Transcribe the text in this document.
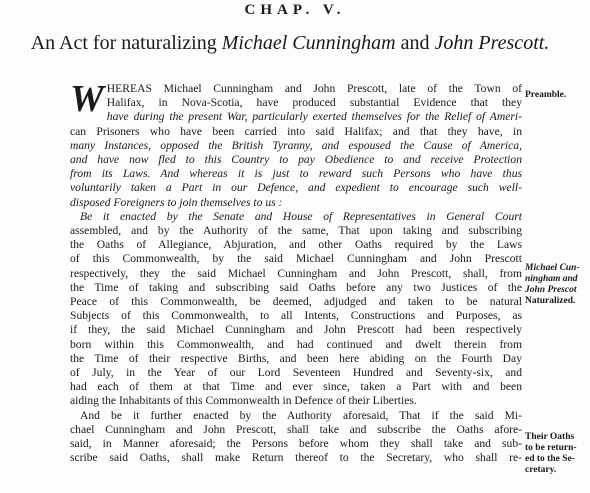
CHAP. V.
An Act for naturalizing Michael Cunningham and John Prescott.
W HEREAS Michael Cunningham and John Prescott, late of the Town of
Halifax, in Nova-Scotia, have produced substantial Evidence that they
have during the present War, particularly exerted themselves for the Relief of Ameri-
can Prisoners who have been carried into said Halifax; and that they have, in
many Instances, opposed the British Tyranny, and espoused the Cause of America,
and have now fled to this Country to pay Obedience to and receive Protection
from its Laws. And whereas it is just to reward such Persons who have thus
voluntarily taken a Part in our Defence, and expedient to encourage such well-
disposed Foreigners to join themselves to us :
Be it enacted by the Senate and House of Representatives in General Court
assembled, and by the Authority of the same, That upon taking and subscribing
the Oaths of Allegiance, Abjuration, and other Oaths required by the Laws
of this Commonwealth, by the said Michael Cunningham and John Prescott
respectively, they the said Michael Cunningham and John Prescott, shall, from
the Time of taking and subscribing said Oaths before any two Justices of the
Peace of this Commonwealth, be deemed, adjudged and taken to be natural
Subjects of this Commonwealth, to all Intents, Constructions and Purposes, as
if they, the said Michael Cunningham and John Prescott had been respectively
born within this Commonwealth, and had continued and dwelt therein from
the Time of their respective Births, and been here abiding on the Fourth Day
of July, in the Year of our Lord Seventeen Hundred and Seventy-six, and
had each of them at that Time and ever since, taken a Part with and been
aiding the Inhabitants of this Commonwealth in Defence of their Liberties.
And be it further enacted by the Authority aforesaid, That if the said Mi-
chael Cunningham and John Prescott, shall take and subscribe the Oaths afore-
said, in Manner aforesaid; the Persons before whom they shall take and sub-
scribe said Oaths, shall make Return thereof to the Secretary, who shall re-
Preamble.
Michael Cun-
ningham and
John Prescot
Naturalized.
Their Oaths
to be return-
ed to the Se-
cretary.
